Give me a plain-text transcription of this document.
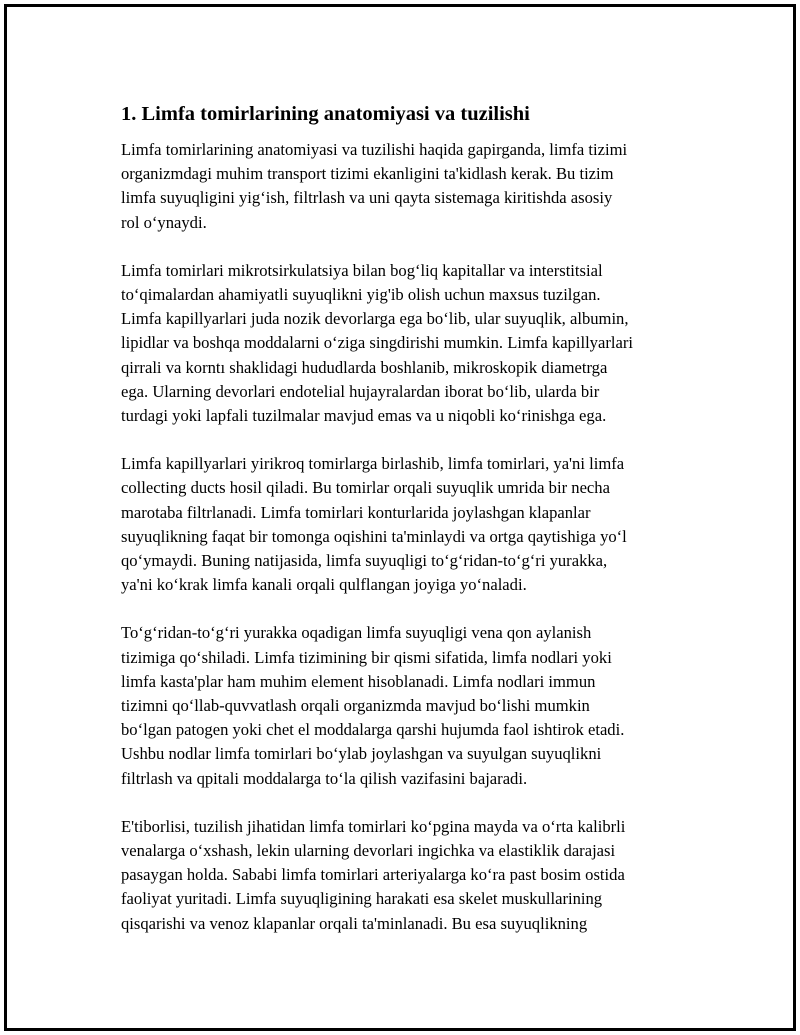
1. Limfa tomirlarining anatomiyasi va tuzilishi
Limfa tomirlarining anatomiyasi va tuzilishi haqida gapirganda, limfa tizimi
organizmdagi muhim transport tizimi ekanligini ta'kidlash kerak. Bu tizim
limfa suyuqligini yig‘ish, filtrlash va uni qayta sistemaga kiritishda asosiy
rol o‘ynaydi.
Limfa tomirlari mikrotsirkulatsiya bilan bog‘liq kapitallar va interstitsial
to‘qimalardan ahamiyatli suyuqlikni yig'ib olish uchun maxsus tuzilgan.
Limfa kapillyarlari juda nozik devorlarga ega bo‘lib, ular suyuqlik, albumin,
lipidlar va boshqa moddalarni o‘ziga singdirishi mumkin. Limfa kapillyarlari
qirrali va korntı shaklidagi hududlarda boshlanib, mikroskopik diametrga
ega. Ularning devorlari endotelial hujayralardan iborat bo‘lib, ularda bir
turdagi yoki lapfali tuzilmalar mavjud emas va u niqobli ko‘rinishga ega.
Limfa kapillyarlari yirikroq tomirlarga birlashib, limfa tomirlari, ya'ni limfa
collecting ducts hosil qiladi. Bu tomirlar orqali suyuqlik umrida bir necha
marotaba filtrlanadi. Limfa tomirlari konturlarida joylashgan klapanlar
suyuqlikning faqat bir tomonga oqishini ta'minlaydi va ortga qaytishiga yo‘l
qo‘ymaydi. Buning natijasida, limfa suyuqligi to‘g‘ridan-to‘g‘ri yurakka,
ya'ni ko‘krak limfa kanali orqali qulflangan joyiga yo‘naladi.
To‘g‘ridan-to‘g‘ri yurakka oqadigan limfa suyuqligi vena qon aylanish
tizimiga qo‘shiladi. Limfa tizimining bir qismi sifatida, limfa nodlari yoki
limfa kasta'plar ham muhim element hisoblanadi. Limfa nodlari immun
tizimni qo‘llab-quvvatlash orqali organizmda mavjud bo‘lishi mumkin
bo‘lgan patogen yoki chet el moddalarga qarshi hujumda faol ishtirok etadi.
Ushbu nodlar limfa tomirlari bo‘ylab joylashgan va suyulgan suyuqlikni
filtrlash va qpitali moddalarga to‘la qilish vazifasini bajaradi.
E'tiborlisi, tuzilish jihatidan limfa tomirlari ko‘pgina mayda va o‘rta kalibrli
venalarga o‘xshash, lekin ularning devorlari ingichka va elastiklik darajasi
pasaygan holda. Sababi limfa tomirlari arteriyalarga ko‘ra past bosim ostida
faoliyat yuritadi. Limfa suyuqligining harakati esa skelet muskullarining
qisqarishi va venoz klapanlar orqali ta'minlanadi. Bu esa suyuqlikning
